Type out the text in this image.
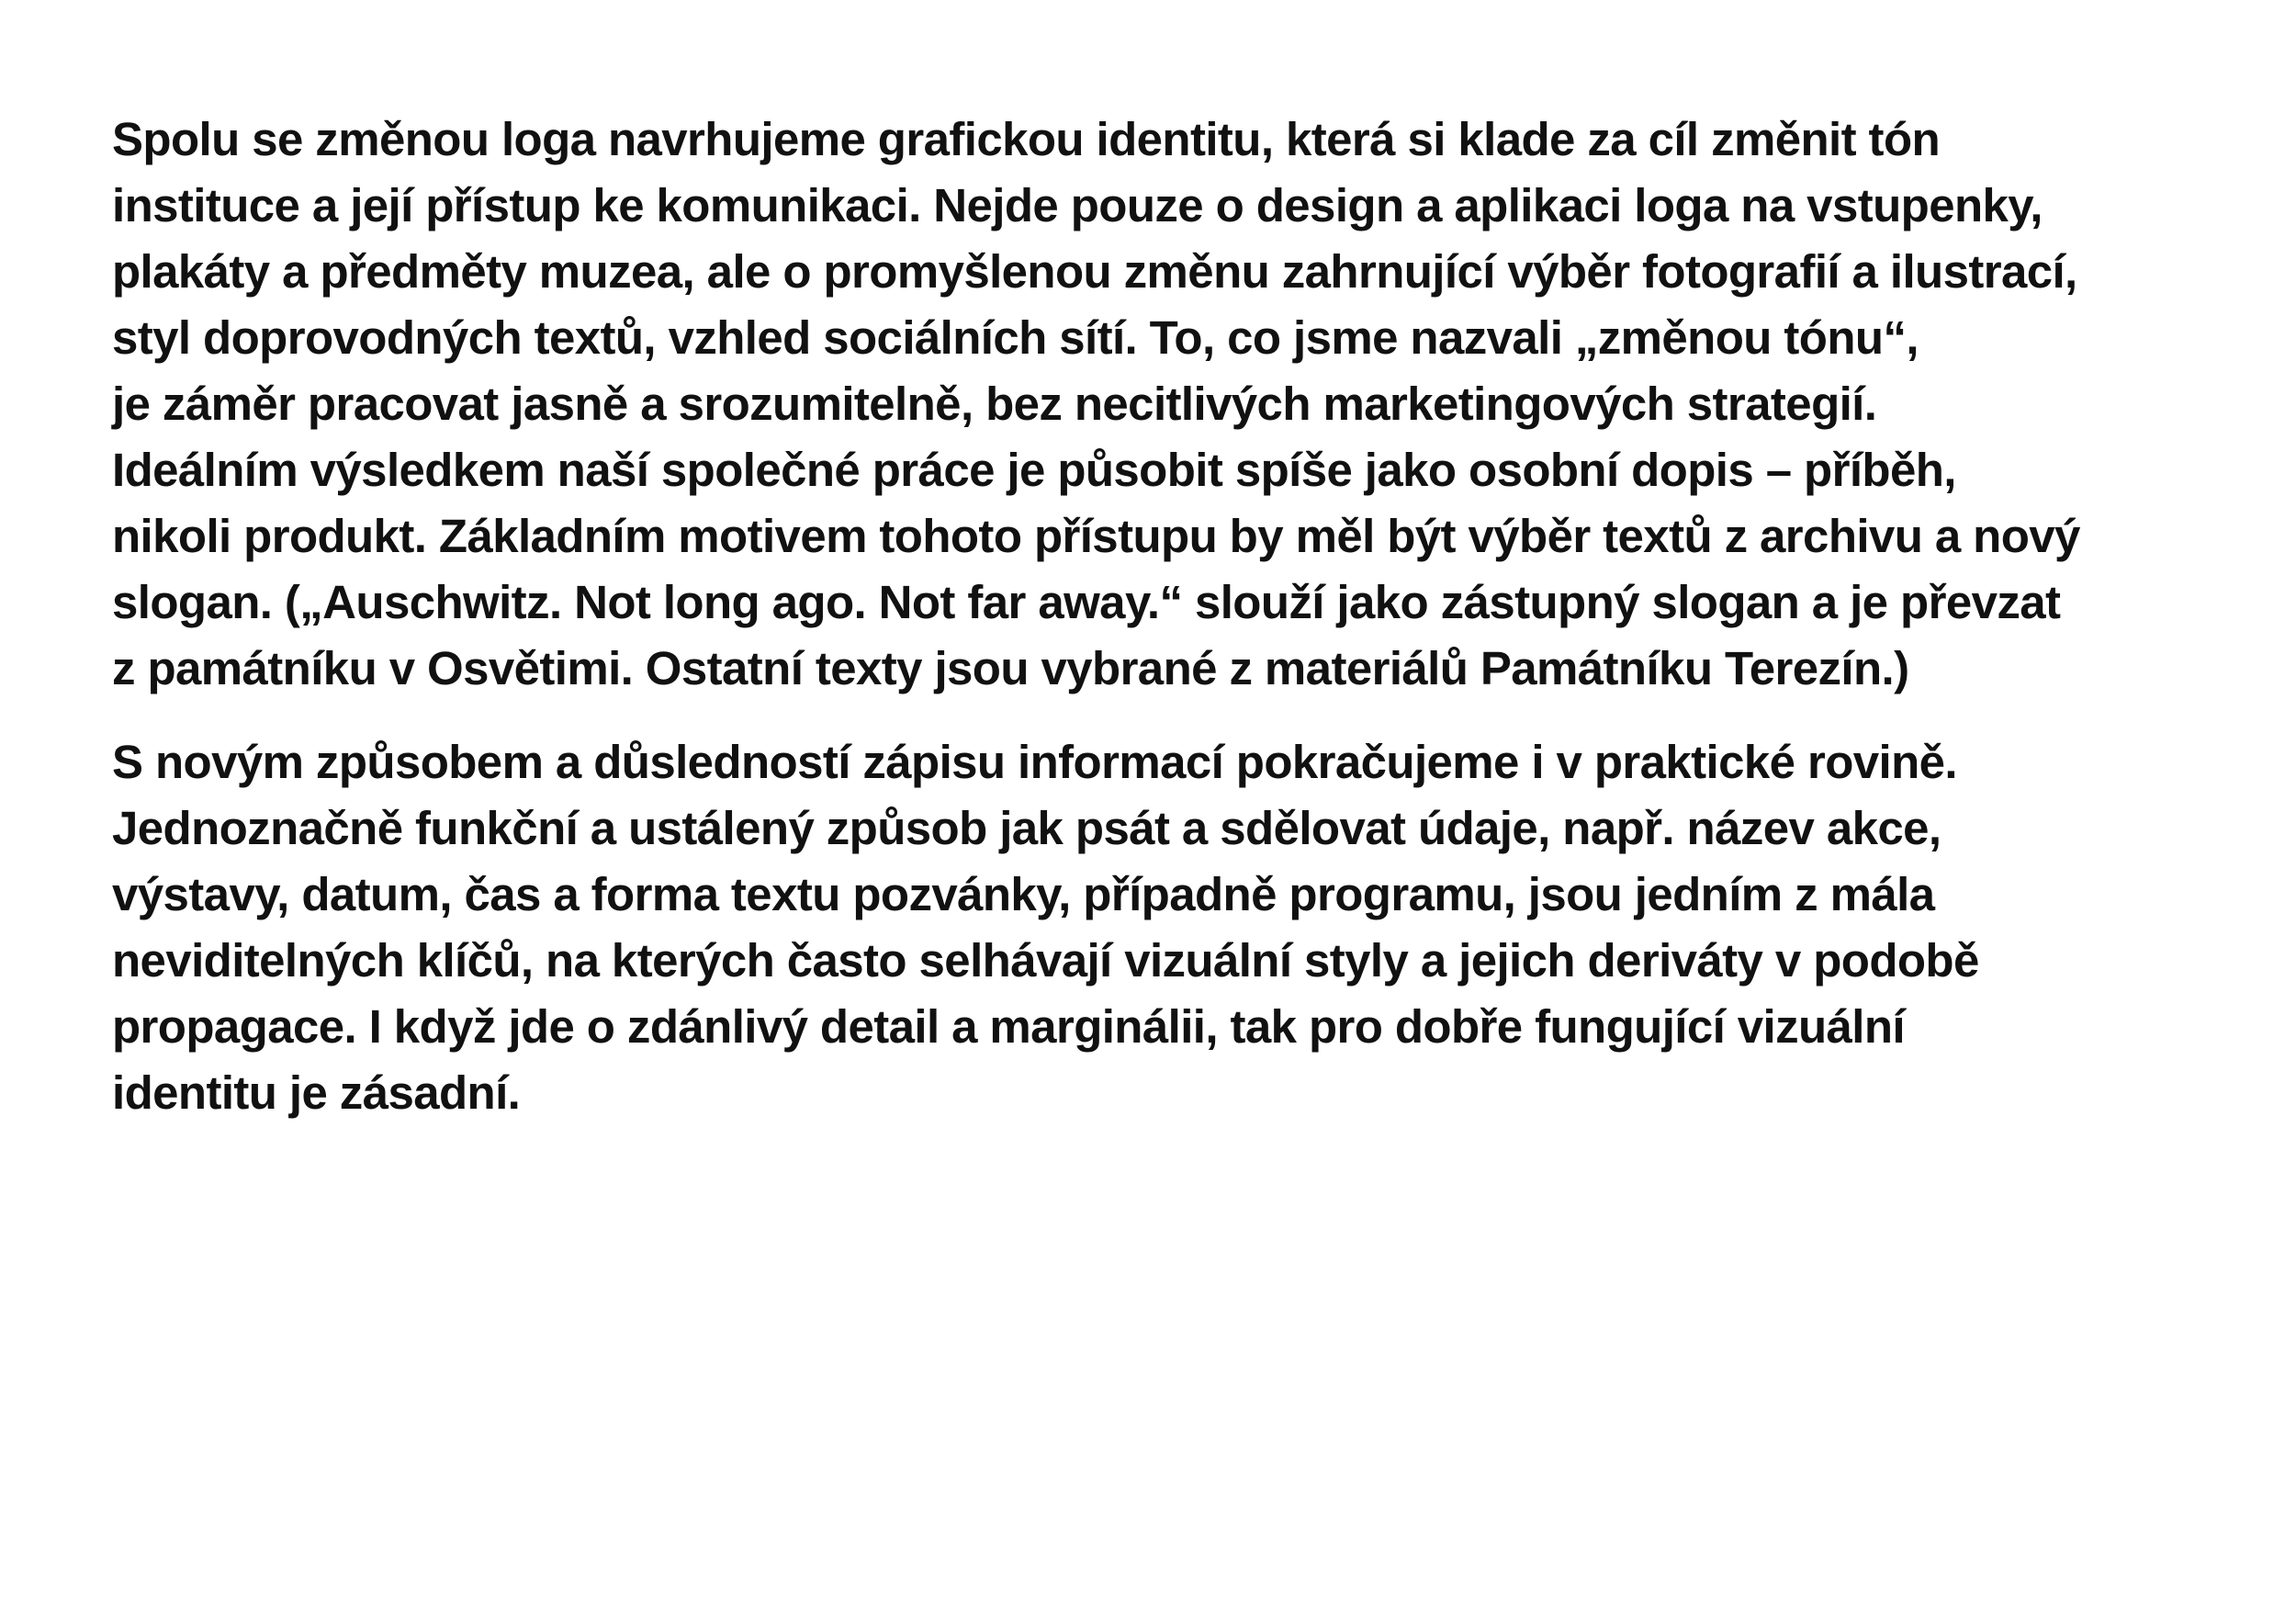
Spolu se změnou loga navrhujeme grafickou identitu, která si klade za cíl změnit tón
instituce a její přístup ke komunikaci. Nejde pouze o design a aplikaci loga na vstupenky,
plakáty a předměty muzea, ale o promyšlenou změnu zahrnující výběr fotografií a ilustrací,
styl doprovodných textů, vzhled sociálních sítí. To, co jsme nazvali „změnou tónu“,
je záměr pracovat jasně a srozumitelně, bez necitlivých marketingových strategií.
Ideálním výsledkem naší společné práce je působit spíše jako osobní dopis – příběh,
nikoli produkt. Základním motivem tohoto přístupu by měl být výběr textů z archivu a nový
slogan. („Auschwitz. Not long ago. Not far away.“ slouží jako zástupný slogan a je převzat
z památníku v Osvětimi. Ostatní texty jsou vybrané z materiálů Památníku Terezín.)
S novým způsobem a důsledností zápisu informací pokračujeme i v praktické rovině.
Jednoznačně funkční a ustálený způsob jak psát a sdělovat údaje, např. název akce,
výstavy, datum, čas a forma textu pozvánky, případně programu, jsou jedním z mála
neviditelných klíčů, na kterých často selhávají vizuální styly a jejich deriváty v podobě
propagace. I když jde o zdánlivý detail a marginálii, tak pro dobře fungující vizuální
identitu je zásadní.
